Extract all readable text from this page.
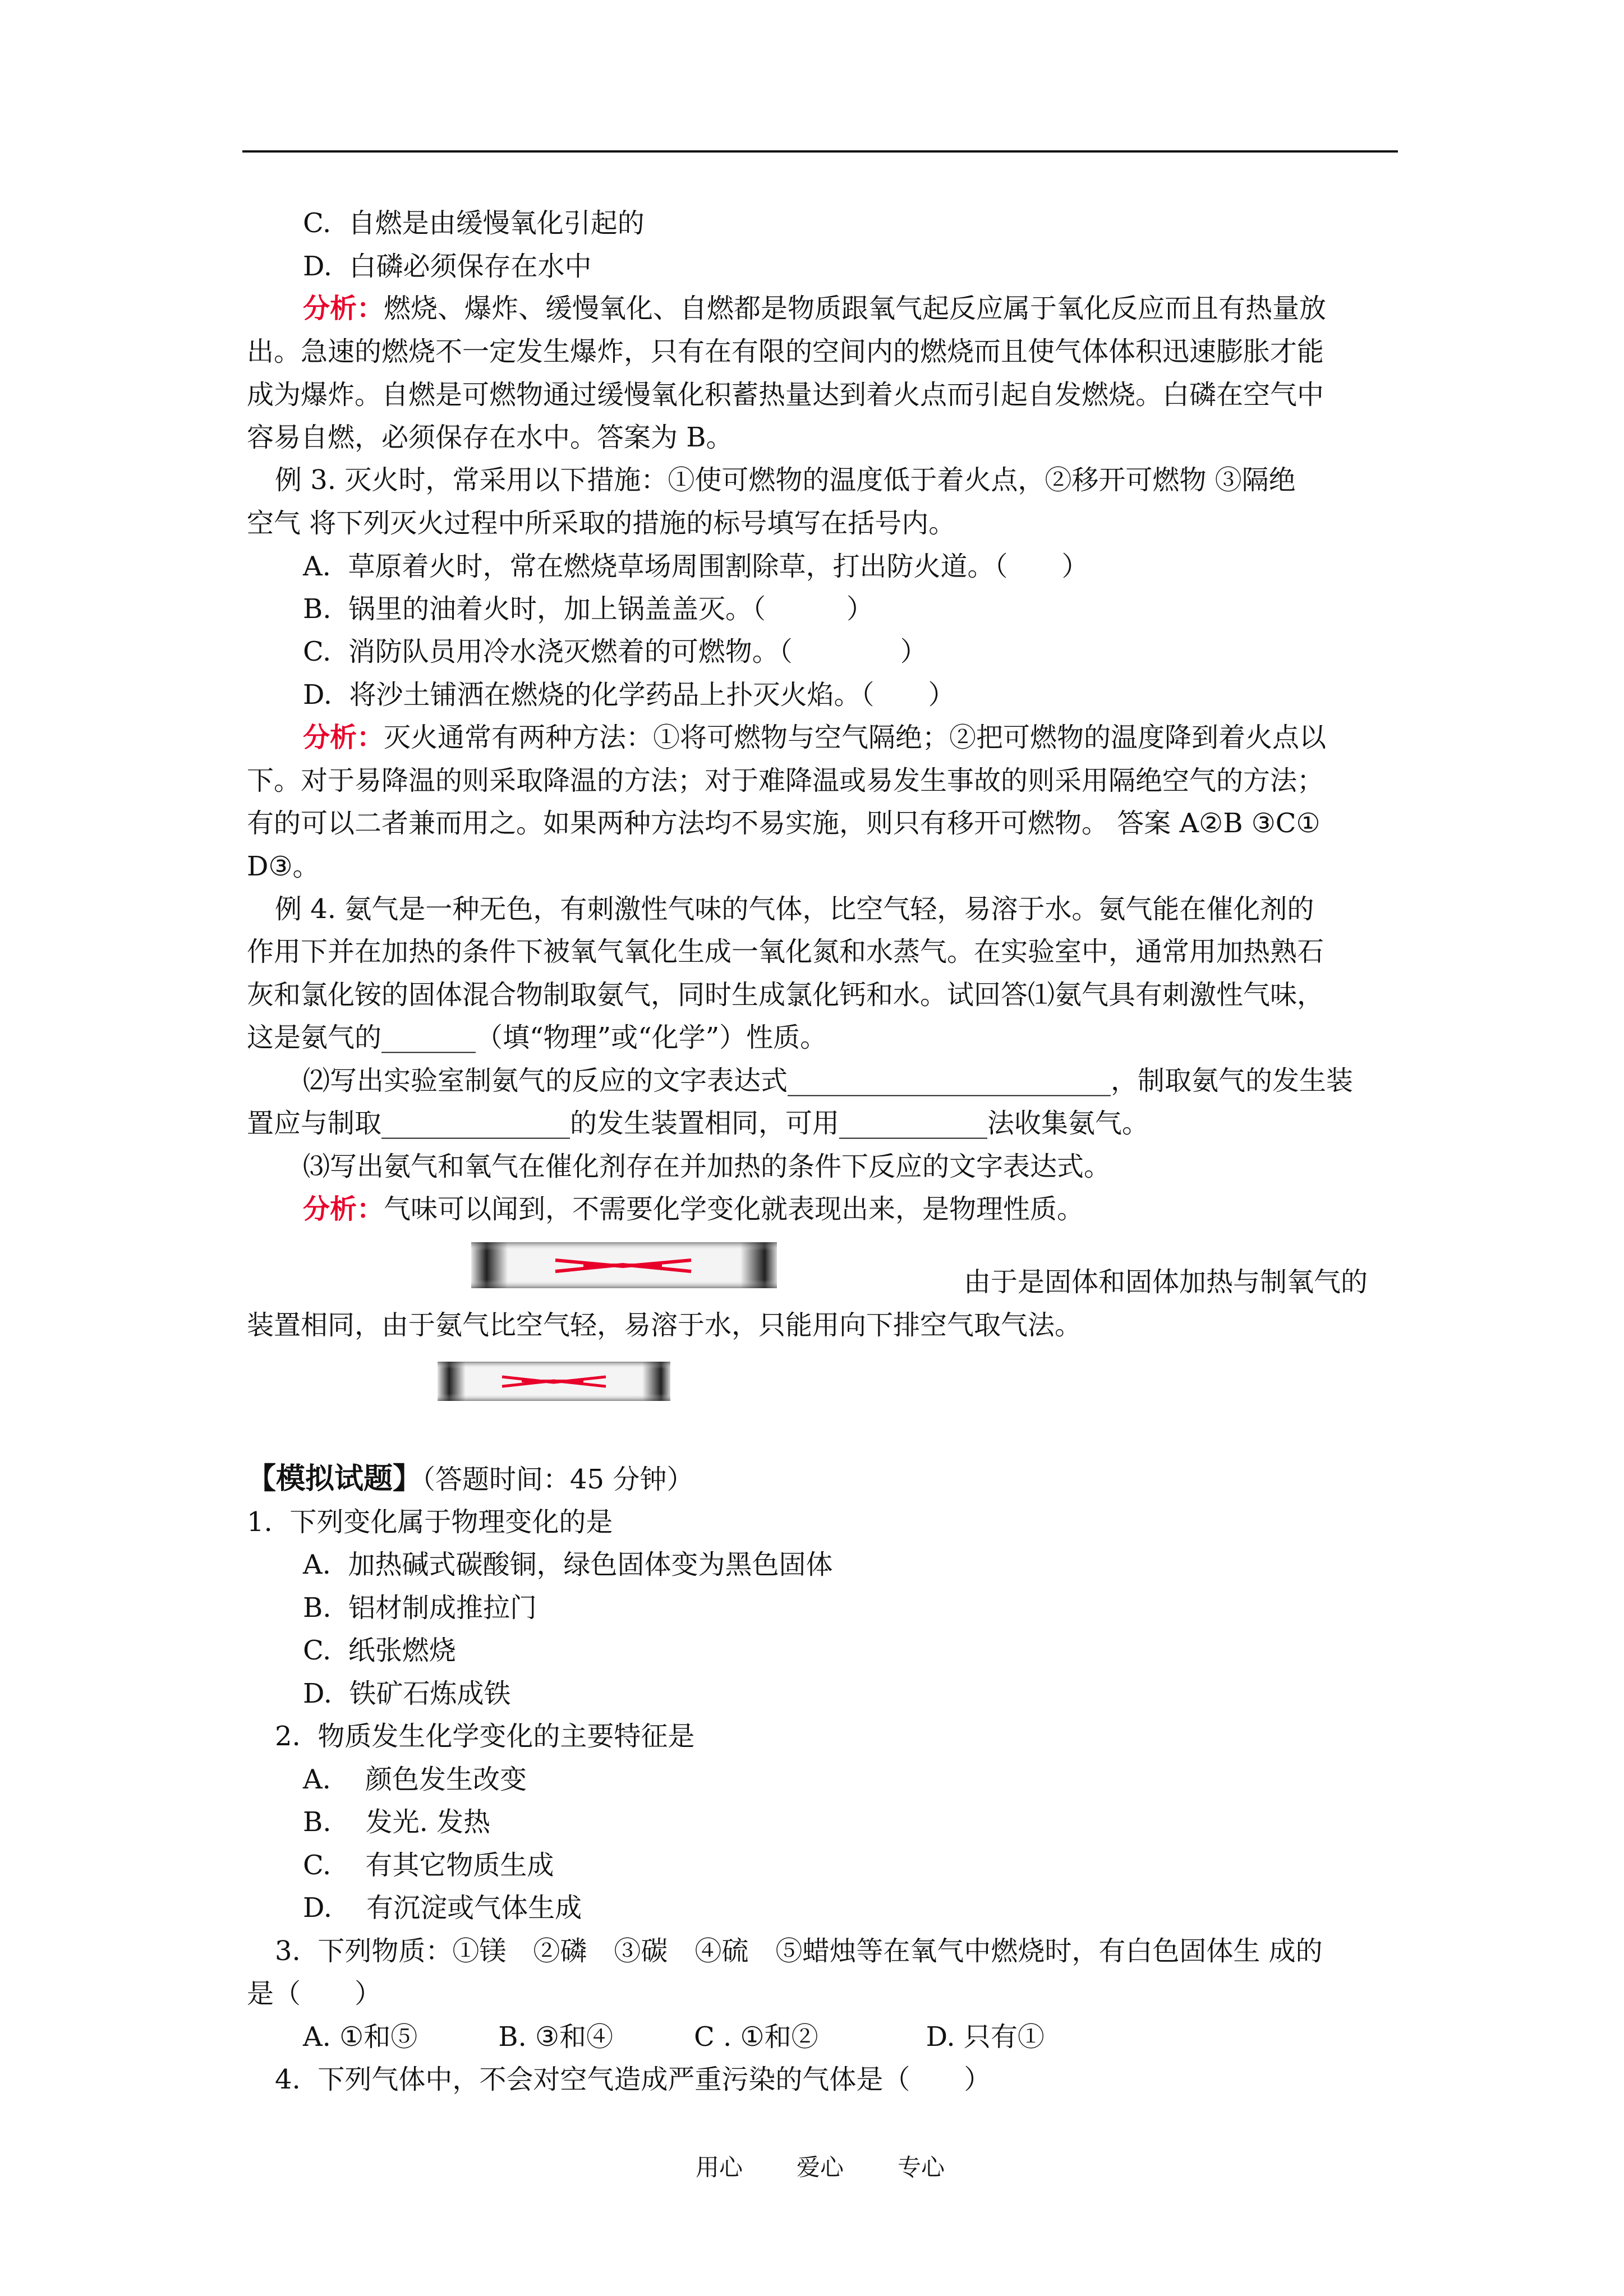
C. 自燃是由缓慢氧化引起的
D. 白磷必须保存在水中
分析：燃烧、爆炸、缓慢氧化、自燃都是物质跟氧气起反应属于氧化反应而且有热量放
出。急速的燃烧不一定发生爆炸，只有在有限的空间内的燃烧而且使气体体积迅速膨胀才能
成为爆炸。自燃是可燃物通过缓慢氧化积蓄热量达到着火点而引起自发燃烧。白磷在空气中
容易自燃，必须保存在水中。答案为 B。
例 3. 灭火时，常采用以下措施：①使可燃物的温度低于着火点，②移开可燃物 ③隔绝
空气 将下列灭火过程中所采取的措施的标号填写在括号内。
A. 草原着火时，常在燃烧草场周围割除草，打出防火道。（　　）
B. 锅里的油着火时，加上锅盖盖灭。（　　　）
C. 消防队员用冷水浇灭燃着的可燃物。（　　　　）
D. 将沙土铺洒在燃烧的化学药品上扑灭火焰。（　　）
分析：灭火通常有两种方法：①将可燃物与空气隔绝；②把可燃物的温度降到着火点以
下。对于易降温的则采取降温的方法；对于难降温或易发生事故的则采用隔绝空气的方法；
有的可以二者兼而用之。如果两种方法均不易实施，则只有移开可燃物。 答案 A②B ③C①
D③。
例 4. 氨气是一种无色，有刺激性气味的气体，比空气轻，易溶于水。氨气能在催化剂的
作用下并在加热的条件下被氧气氧化生成一氧化氮和水蒸气。在实验室中，通常用加热熟石
灰和氯化铵的固体混合物制取氨气，同时生成氯化钙和水。试回答⑴氨气具有刺激性气味，
这是氨气的_______（填“物理”或“化学”）性质。
⑵写出实验室制氨气的反应的文字表达式________________________，制取氨气的发生装
置应与制取______________的发生装置相同，可用___________法收集氨气。
⑶写出氨气和氧气在催化剂存在并加热的条件下反应的文字表达式。
分析：气味可以闻到，不需要化学变化就表现出来，是物理性质。
由于是固体和固体加热与制氧气的
装置相同，由于氨气比空气轻，易溶于水，只能用向下排空气取气法。
【模拟试题】（答题时间：45 分钟）
1. 下列变化属于物理变化的是
A. 加热碱式碳酸铜，绿色固体变为黑色固体
B. 铝材制成推拉门
C. 纸张燃烧
D. 铁矿石炼成铁
2. 物质发生化学变化的主要特征是
A. 颜色发生改变
B. 发光. 发热
C. 有其它物质生成
D. 有沉淀或气体生成
3. 下列物质：①镁　②磷　③碳　④硫　⑤蜡烛等在氧气中燃烧时，有白色固体生 成的
是（　　）
A. ①和⑤　　　B. ③和④　　　C . ①和②　　　　D. 只有①
4. 下列气体中，不会对空气造成严重污染的气体是（　　）
用心 爱心 专心
